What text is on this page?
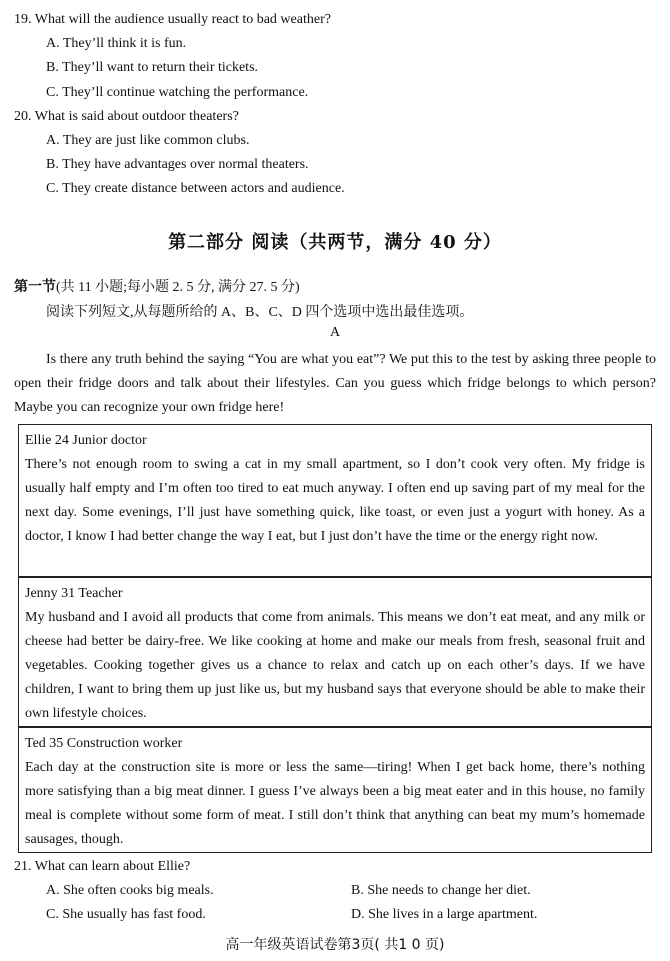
19. What will the audience usually react to bad weather?
A. They’ll think it is fun.
B. They’ll want to return their tickets.
C. They’ll continue watching the performance.
20. What is said about outdoor theaters?
A. They are just like common clubs.
B. They have advantages over normal theaters.
C. They create distance between actors and audience.
第二部分 阅读（共两节，满分 40 分）
第一节(共 11 小题;每小题 2. 5 分, 满分 27. 5 分)
阅读下列短文,从每题所给的 A、B、C、D 四个选项中选出最佳选项。
A
Is there any truth behind the saying “You are what you eat”? We put this to the test by asking three people to open their fridge doors and talk about their lifestyles. Can you guess which fridge belongs to which person? Maybe you can recognize your own fridge here!
Ellie 24 Junior doctor
There’s not enough room to swing a cat in my small apartment, so I don’t cook very often. My fridge is usually half empty and I’m often too tired to eat much anyway. I often end up saving part of my meal for the next day. Some evenings, I’ll just have something quick, like toast, or even just a yogurt with honey. As a doctor, I know I had better change the way I eat, but I just don’t have the time or the energy right now.
Jenny 31 Teacher
My husband and I avoid all products that come from animals. This means we don’t eat meat, and any milk or cheese had better be dairy-free. We like cooking at home and make our meals from fresh, seasonal fruit and vegetables. Cooking together gives us a chance to relax and catch up on each other’s days. If we have children, I want to bring them up just like us, but my husband says that everyone should be able to make their own lifestyle choices.
Ted 35 Construction worker
Each day at the construction site is more or less the same—tiring! When I get back home, there’s nothing more satisfying than a big meat dinner. I guess I’ve always been a big meat eater and in this house, no family meal is complete without some form of meat. I still don’t think that anything can beat my mum’s homemade sausages, though.
21. What can learn about Ellie?
A. She often cooks big meals.	B. She needs to change her diet.
C. She usually has fast food.	D. She lives in a large apartment.
高一年级英语试卷第3页( 共1 0 页)
